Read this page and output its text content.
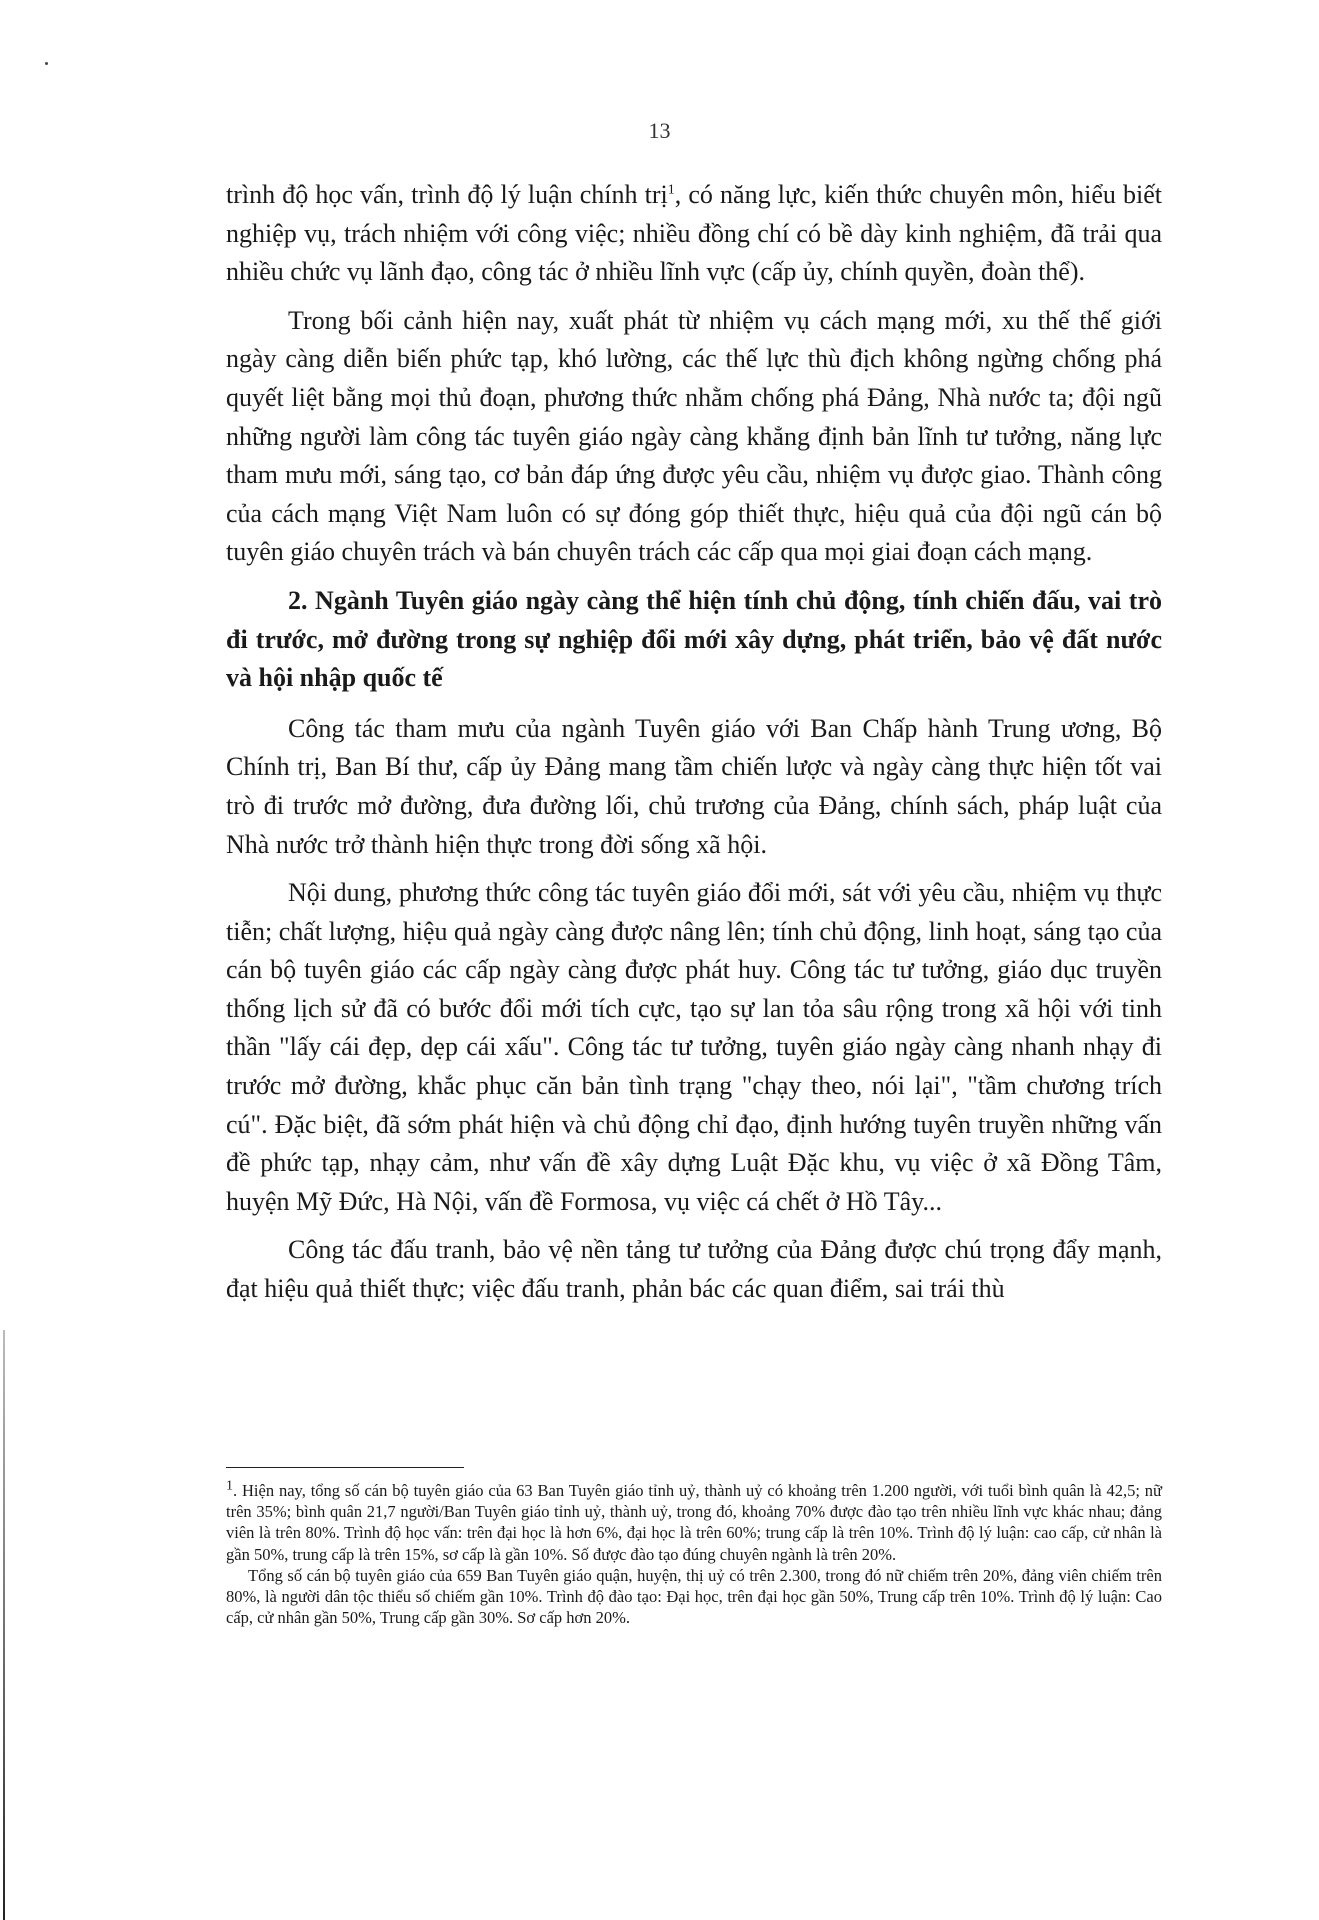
13

trình độ học vấn, trình độ lý luận chính trị$^1$, có năng lực, kiến thức chuyên môn, hiểu biết nghiệp vụ, trách nhiệm với công việc; nhiều đồng chí có bề dày kinh nghiệm, đã trải qua nhiều chức vụ lãnh đạo, công tác ở nhiều lĩnh vực (cấp ủy, chính quyền, đoàn thể).

Trong bối cảnh hiện nay, xuất phát từ nhiệm vụ cách mạng mới, xu thế thế giới ngày càng diễn biến phức tạp, khó lường, các thế lực thù địch không ngừng chống phá quyết liệt bằng mọi thủ đoạn, phương thức nhằm chống phá Đảng, Nhà nước ta; đội ngũ những người làm công tác tuyên giáo ngày càng khẳng định bản lĩnh tư tưởng, năng lực tham mưu mới, sáng tạo, cơ bản đáp ứng được yêu cầu, nhiệm vụ được giao. Thành công của cách mạng Việt Nam luôn có sự đóng góp thiết thực, hiệu quả của đội ngũ cán bộ tuyên giáo chuyên trách và bán chuyên trách các cấp qua mọi giai đoạn cách mạng.

2. Ngành Tuyên giáo ngày càng thể hiện tính chủ động, tính chiến đấu, vai trò đi trước, mở đường trong sự nghiệp đổi mới xây dựng, phát triển, bảo vệ đất nước và hội nhập quốc tế

Công tác tham mưu của ngành Tuyên giáo với Ban Chấp hành Trung ương, Bộ Chính trị, Ban Bí thư, cấp ủy Đảng mang tầm chiến lược và ngày càng thực hiện tốt vai trò đi trước mở đường, đưa đường lối, chủ trương của Đảng, chính sách, pháp luật của Nhà nước trở thành hiện thực trong đời sống xã hội.

Nội dung, phương thức công tác tuyên giáo đổi mới, sát với yêu cầu, nhiệm vụ thực tiễn; chất lượng, hiệu quả ngày càng được nâng lên; tính chủ động, linh hoạt, sáng tạo của cán bộ tuyên giáo các cấp ngày càng được phát huy. Công tác tư tưởng, giáo dục truyền thống lịch sử đã có bước đổi mới tích cực, tạo sự lan tỏa sâu rộng trong xã hội với tinh thần "lấy cái đẹp, dẹp cái xấu". Công tác tư tưởng, tuyên giáo ngày càng nhanh nhạy đi trước mở đường, khắc phục căn bản tình trạng "chạy theo, nói lại", "tầm chương trích cú". Đặc biệt, đã sớm phát hiện và chủ động chỉ đạo, định hướng tuyên truyền những vấn đề phức tạp, nhạy cảm, như vấn đề xây dựng Luật Đặc khu, vụ việc ở xã Đồng Tâm, huyện Mỹ Đức, Hà Nội, vấn đề Formosa, vụ việc cá chết ở Hồ Tây...

Công tác đấu tranh, bảo vệ nền tảng tư tưởng của Đảng được chú trọng đẩy mạnh, đạt hiệu quả thiết thực; việc đấu tranh, phản bác các quan điểm, sai trái thù

$^1$. Hiện nay, tổng số cán bộ tuyên giáo của 63 Ban Tuyên giáo tỉnh uỷ, thành uỷ có khoảng trên 1.200 người, với tuổi bình quân là 42,5; nữ trên 35%; bình quân 21,7 người/Ban Tuyên giáo tỉnh uỷ, thành uỷ, trong đó, khoảng 70% được đào tạo trên nhiều lĩnh vực khác nhau; đảng viên là trên 80%. Trình độ học vấn: trên đại học là hơn 6%, đại học là trên 60%; trung cấp là trên 10%. Trình độ lý luận: cao cấp, cử nhân là gần 50%, trung cấp là trên 15%, sơ cấp là gần 10%. Số được đào tạo đúng chuyên ngành là trên 20%.

Tổng số cán bộ tuyên giáo của 659 Ban Tuyên giáo quận, huyện, thị uỷ có trên 2.300, trong đó nữ chiếm trên 20%, đảng viên chiếm trên 80%, là người dân tộc thiểu số chiếm gần 10%. Trình độ đào tạo: Đại học, trên đại học gần 50%, Trung cấp trên 10%. Trình độ lý luận: Cao cấp, cử nhân gần 50%, Trung cấp gần 30%. Sơ cấp hơn 20%.
